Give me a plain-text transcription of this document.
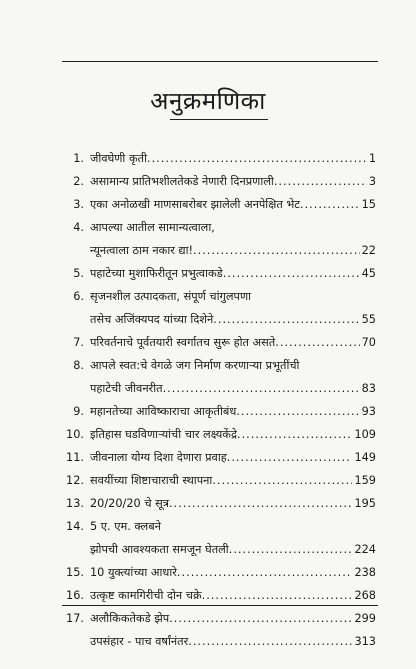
अनुक्रमणिका
1. जीवघेणी कृती .....	1
2. असामान्य प्रातिभशीलतेकडे नेणारी दिनप्रणाली .....	3
3. एका अनोळखी माणसाबरोबर झालेली अनपेक्षित भेट .....	15
4. आपल्या आतील सामान्यत्वाला,
न्यूनत्वाला ठाम नकार द्या! .....	22
5. पहाटेच्या मुशाफिरीतून प्रभुत्वाकडे .....	45
6. सृजनशील उत्पादकता, संपूर्ण चांगुलपणा
तसेच अजिंक्यपद यांच्या दिशेने .....	55
7. परिवर्तनाचे पूर्वतयारी स्वर्गातच सुरू होत असते .....	70
8. आपले स्वत:चे वेगळे जग निर्माण करणाऱ्या प्रभूतींची
पहाटेची जीवनरीत .....	83
9. महानतेच्या आविष्काराचा आकृतीबंध .....	93
10. इतिहास घडविणाऱ्यांची चार लक्ष्यकेंद्रे .....	109
11. जीवनाला योग्य दिशा देणारा प्रवाह .....	149
12. सवयींच्या शिष्टाचाराची स्थापना .....	159
13. 20/20/20 चे सूत्र .....	195
14. 5 ए. एम. क्लबने
झोपची आवश्यकता समजून घेतली .....	224
15. 10 युक्त्यांच्या आधारे .....	238
16. उत्कृष्ट कामगिरीची दोन चक्रे .....	268
17. अलौकिकतेकडे झेप .....	299
उपसंहार - पाच वर्षांनंतर .....	313
